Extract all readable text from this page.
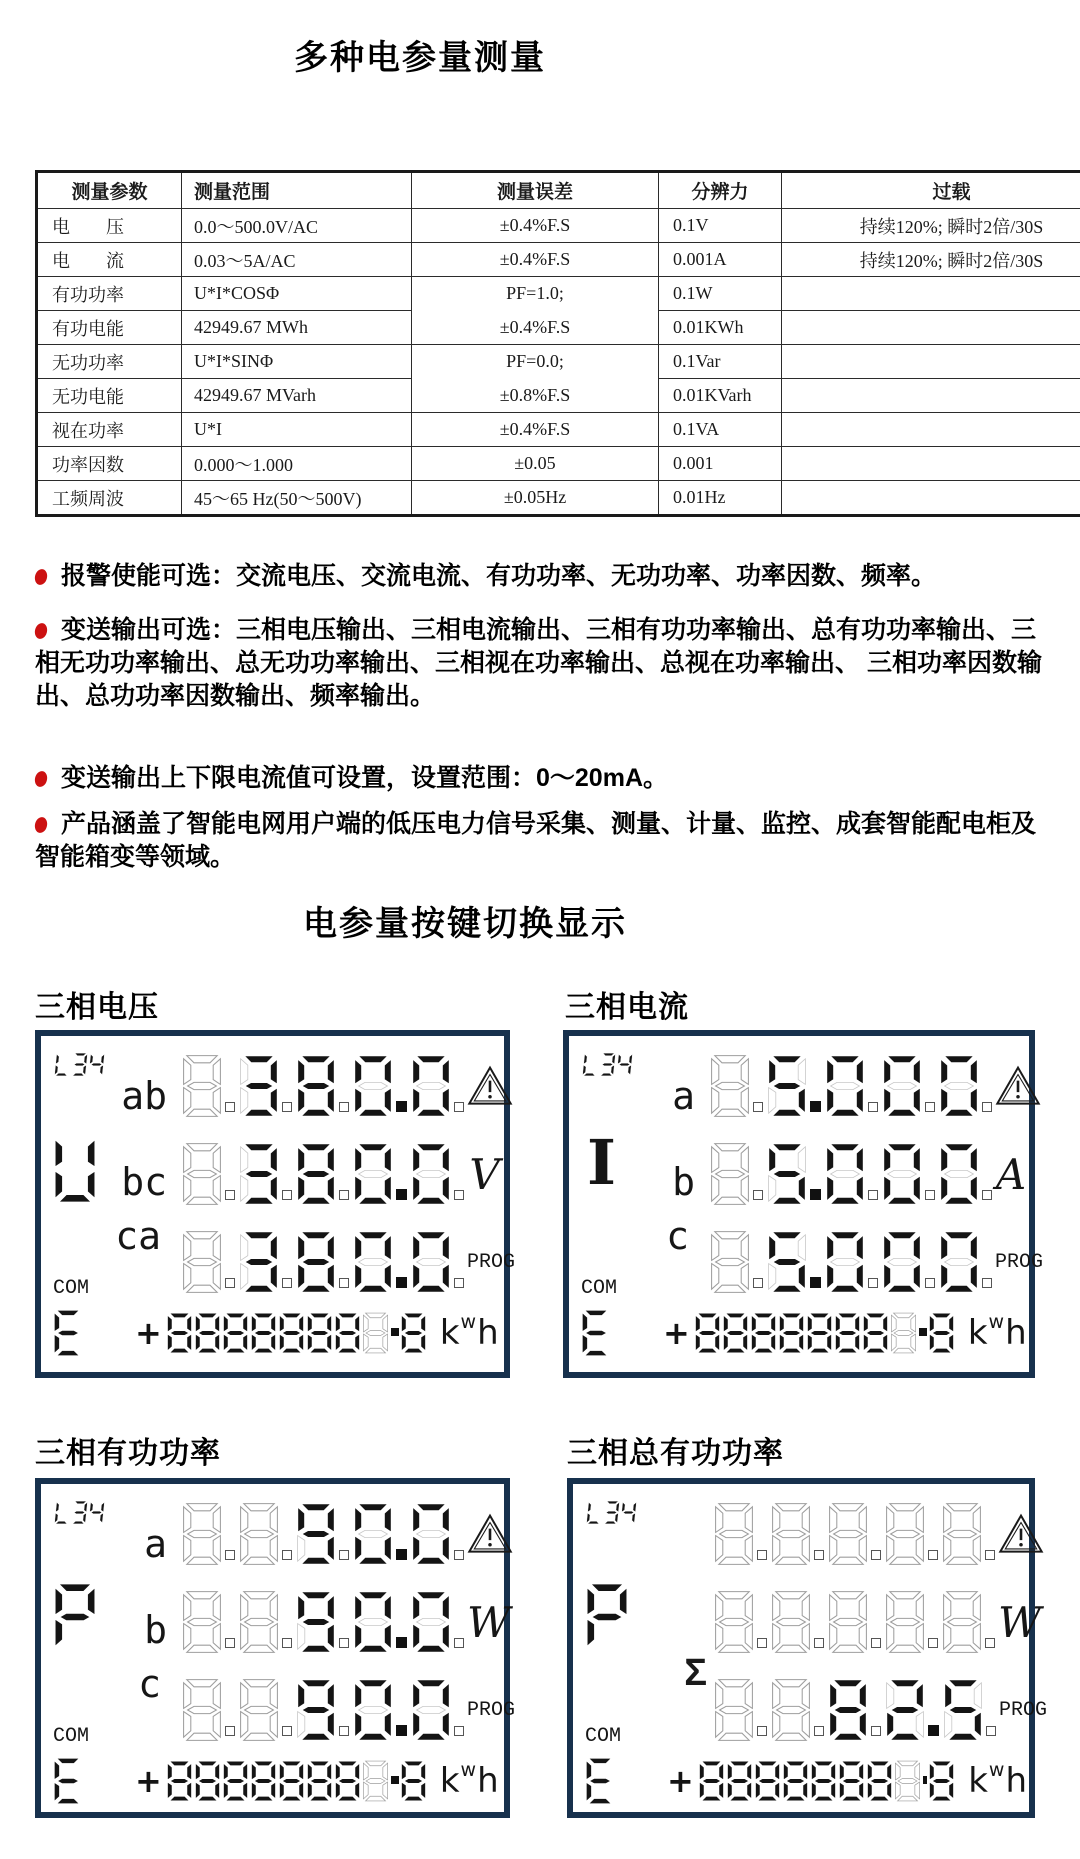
多种电参量测量
测量参数	测量范围	测量误差	分辨力	过载
电　　压	0.0～500.0V/AC	±0.4%F.S	0.1V	持续120%; 瞬时2倍/30S
电　　流	0.03～5A/AC	±0.4%F.S	0.001A	持续120%; 瞬时2倍/30S
有功功率	U*I*COSΦ	PF=1.0;	0.1W	
有功电能	42949.67 MWh	±0.4%F.S	0.01KWh	
无功功率	U*I*SINΦ	PF=0.0;	0.1Var	
无功电能	42949.67 MVarh	±0.8%F.S	0.01KVarh	
视在功率	U*I	±0.4%F.S	0.1VA	
功率因数	0.000～1.000	±0.05	0.001	
工频周波	45～65 Hz(50～500V)	±0.05Hz	0.01Hz	

报警使能可选：交流电压、交流电流、有功功率、无功功率、功率因数、频率。

变送输出可选：三相电压输出、三相电流输出、三相有功功率输出、总有功功率输出、三相无功功率输出、总无功功率输出、三相视在功率输出、总视在功率输出、 三相功率因数输出、总功功率因数输出、频率输出。

变送输出上下限电流值可设置，设置范围：0～20mA。

产品涵盖了智能电网用户端的低压电力信号采集、测量、计量、监控、成套智能配电柜及智能箱变等领域。

电参量按键切换显示
三相电压
ab
bc	V
COM
ca
PROG
+	k w h
三相电流
a
I b	A
COM
c
PROG
+	k w h
三相有功功率
a
b	W
COM
c
PROG
+	k w h
三相总有功功率
W
COM
Σ
PROG
+	k w h
